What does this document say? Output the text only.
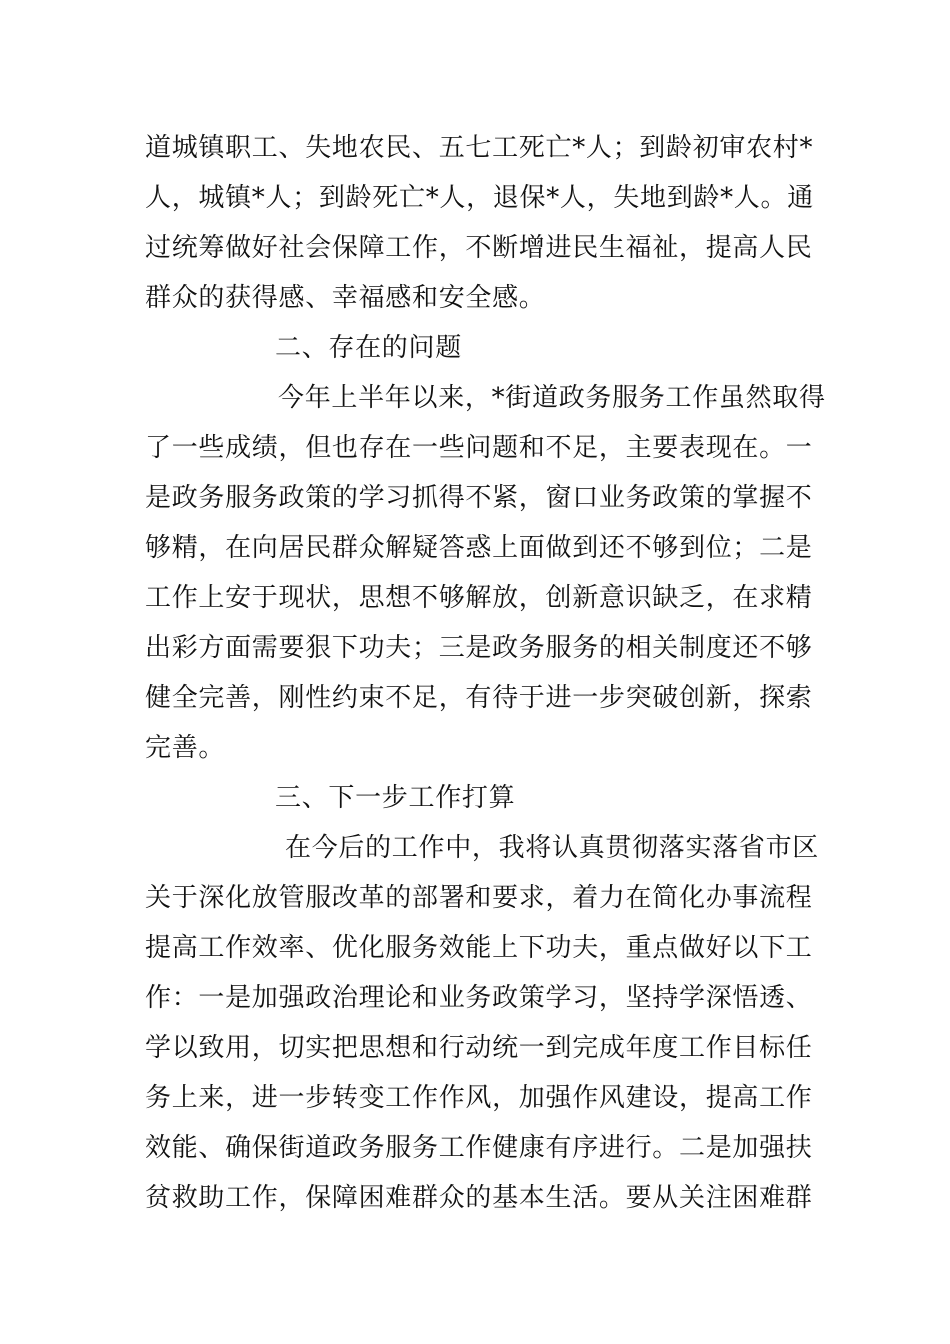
道城镇职工、失地农民、五七工死亡*人；到龄初审农村*
人，城镇*人；到龄死亡*人，退保*人，失地到龄*人。通
过统筹做好社会保障工作，不断增进民生福祉，提高人民
群众的获得感、幸福感和安全感。
二、存在的问题
今年上半年以来，*街道政务服务工作虽然取得
了一些成绩，但也存在一些问题和不足，主要表现在。一
是政务服务政策的学习抓得不紧，窗口业务政策的掌握不
够精，在向居民群众解疑答惑上面做到还不够到位；二是
工作上安于现状，思想不够解放，创新意识缺乏，在求精
出彩方面需要狠下功夫；三是政务服务的相关制度还不够
健全完善，刚性约束不足，有待于进一步突破创新，探索
完善。
三、下一步工作打算
在今后的工作中，我将认真贯彻落实落省市区
关于深化放管服改革的部署和要求，着力在简化办事流程
提高工作效率、优化服务效能上下功夫，重点做好以下工
作：一是加强政治理论和业务政策学习，坚持学深悟透、
学以致用，切实把思想和行动统一到完成年度工作目标任
务上来，进一步转变工作作风，加强作风建设，提高工作
效能、确保街道政务服务工作健康有序进行。二是加强扶
贫救助工作，保障困难群众的基本生活。要从关注困难群
